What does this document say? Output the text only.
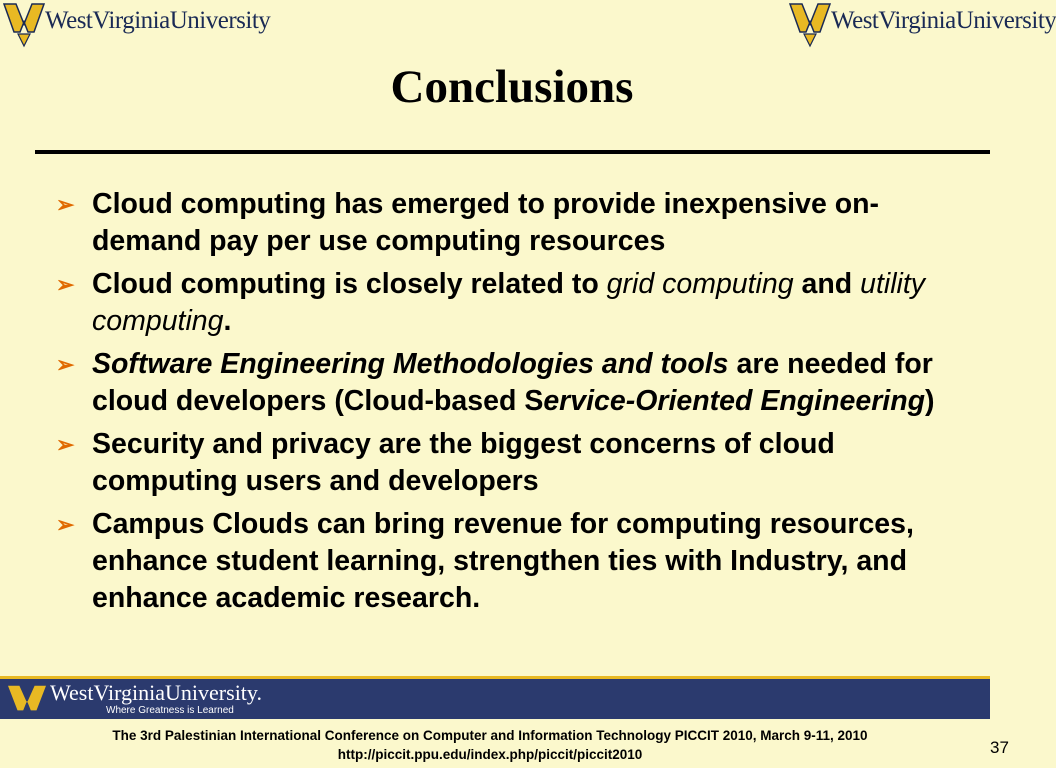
WestVirginiaUniversity	WestVirginiaUniversity
Conclusions
➢ Cloud computing has emerged to provide inexpensive on-demand pay per use computing resources
➢ Cloud computing is closely related to grid computing and utility computing.
➢ Software Engineering Methodologies and tools are needed for cloud developers (Cloud-based Service-Oriented Engineering)
➢ Security and privacy are the biggest concerns of cloud computing users and developers
➢ Campus Clouds can bring revenue for computing resources, enhance student learning, strengthen ties with Industry, and enhance academic research.
WestVirginiaUniversity.
Where Greatness is Learned
The 3rd Palestinian International Conference on Computer and Information Technology PICCIT 2010, March 9-11, 2010
http://piccit.ppu.edu/index.php/piccit/piccit2010	37
